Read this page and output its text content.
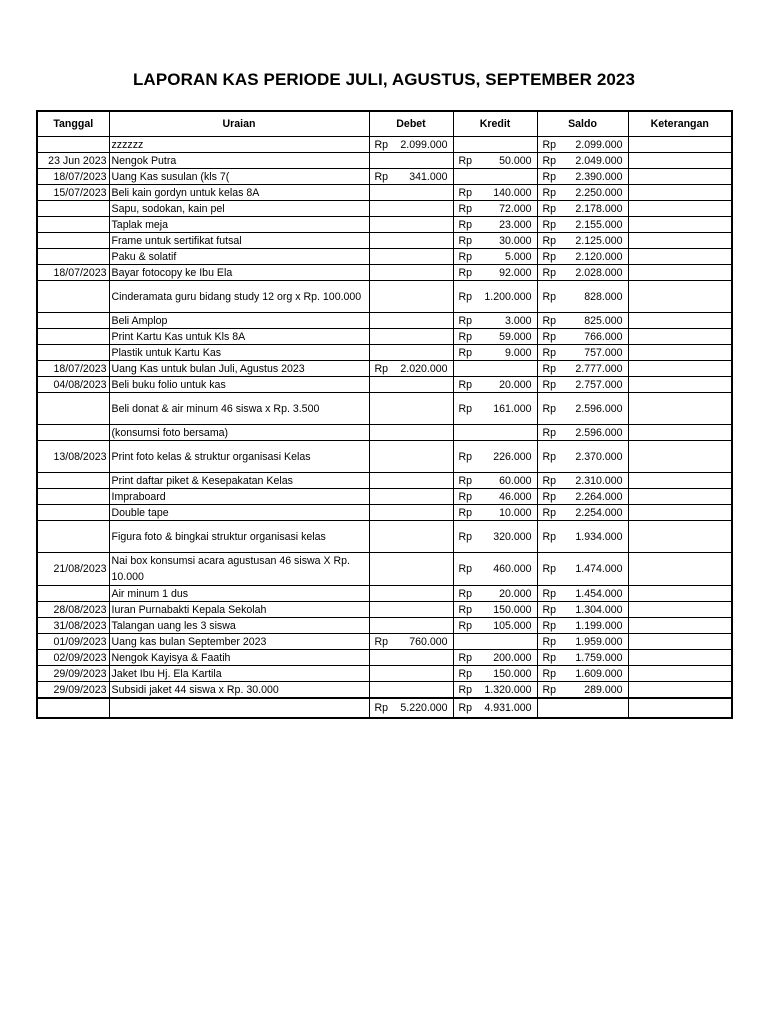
LAPORAN KAS PERIODE JULI, AGUSTUS, SEPTEMBER 2023
Tanggal	Uraian	Debet	Kredit	Saldo	Keterangan
	zzzzzz	Rp 2.099.000		Rp 2.099.000	

23 Jun 2023	Nengok Putra		Rp 50.000	Rp 2.049.000	

18/07/2023	Uang Kas susulan (kls 7(	Rp 341.000		Rp 2.390.000	

15/07/2023	Beli kain gordyn untuk kelas 8A		Rp 140.000	Rp 2.250.000	

	Sapu, sodokan, kain pel		Rp 72.000	Rp 2.178.000	

	Taplak meja		Rp 23.000	Rp 2.155.000	

	Frame untuk sertifikat futsal		Rp 30.000	Rp 2.125.000	

	Paku & solatif		Rp 5.000	Rp 2.120.000	

18/07/2023	Bayar fotocopy ke Ibu Ela		Rp 92.000	Rp 2.028.000	

	Cinderamata guru bidang study 12 org x Rp. 100.000		Rp 1.200.000	Rp 828.000	

	Beli Amplop		Rp 3.000	Rp 825.000	

	Print Kartu Kas untuk Kls 8A		Rp 59.000	Rp 766.000	

	Plastik untuk Kartu Kas		Rp 9.000	Rp 757.000	

18/07/2023	Uang Kas untuk bulan Juli, Agustus 2023	Rp 2.020.000		Rp 2.777.000	

04/08/2023	Beli buku folio untuk kas		Rp 20.000	Rp 2.757.000	

	Beli donat & air minum 46 siswa x Rp. 3.500		Rp 161.000	Rp 2.596.000	

	(konsumsi foto bersama)			Rp 2.596.000	

13/08/2023	Print foto kelas & struktur organisasi Kelas		Rp 226.000	Rp 2.370.000	

	Print daftar piket & Kesepakatan Kelas		Rp 60.000	Rp 2.310.000	

	Impraboard		Rp 46.000	Rp 2.264.000	

	Double tape		Rp 10.000	Rp 2.254.000	

	Figura foto & bingkai struktur organisasi kelas		Rp 320.000	Rp 1.934.000	

21/08/2023	Nai box konsumsi acara agustusan 46 siswa X Rp. 10.000		Rp 460.000	Rp 1.474.000	

	Air minum 1 dus		Rp 20.000	Rp 1.454.000	

28/08/2023	Iuran Purnabakti Kepala Sekolah		Rp 150.000	Rp 1.304.000	

31/08/2023	Talangan uang les 3 siswa		Rp 105.000	Rp 1.199.000	

01/09/2023	Uang kas bulan September 2023	Rp 760.000		Rp 1.959.000	

02/09/2023	Nengok Kayisya & Faatih		Rp 200.000	Rp 1.759.000	

29/09/2023	Jaket Ibu Hj. Ela Kartila		Rp 150.000	Rp 1.609.000	

29/09/2023	Subsidi jaket 44 siswa x Rp. 30.000		Rp 1.320.000	Rp 289.000	

		Rp 5.220.000	Rp 4.931.000		
